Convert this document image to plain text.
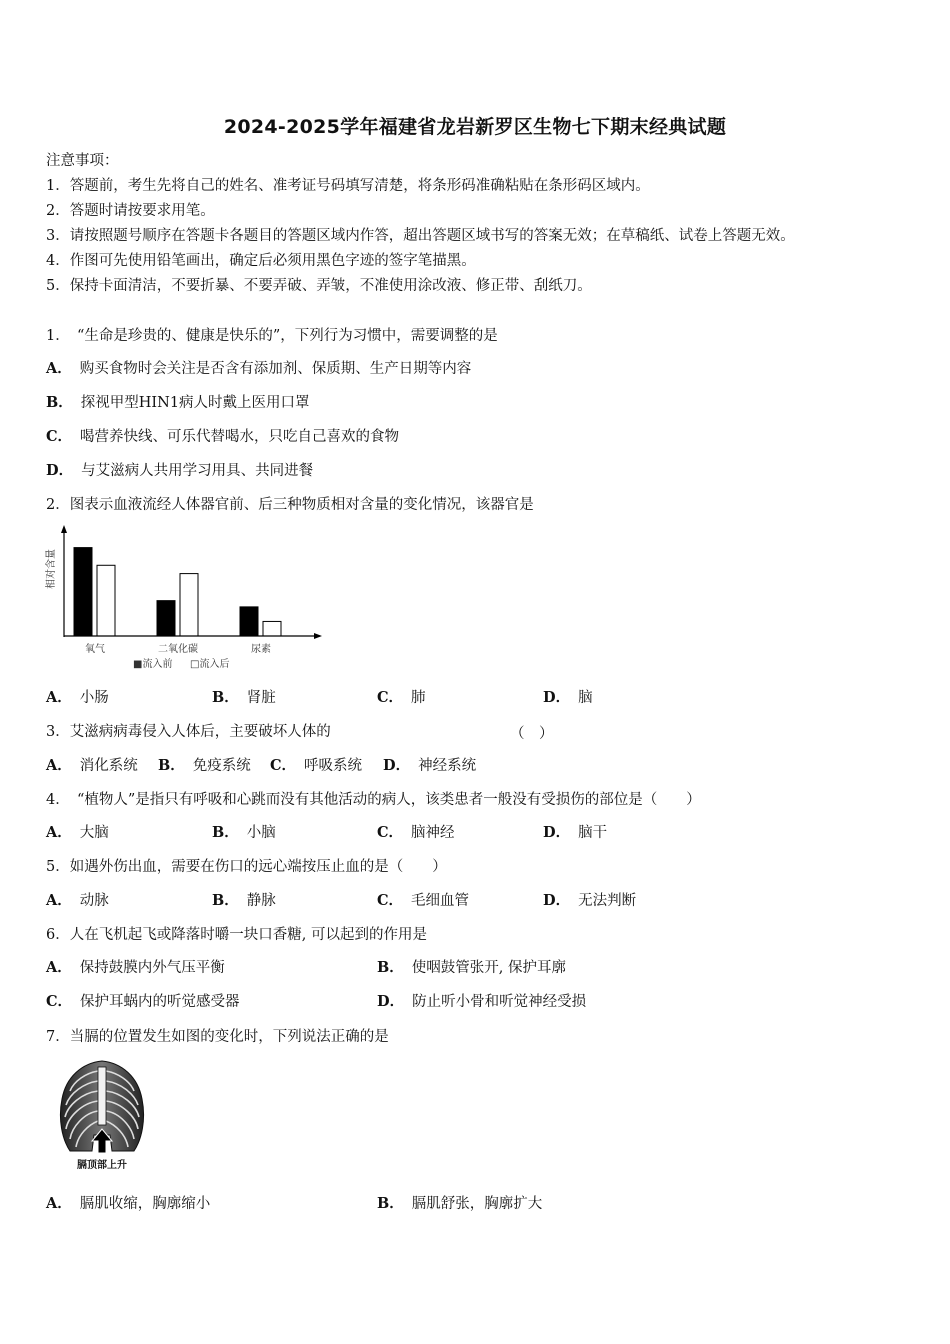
2024-2025学年福建省龙岩新罗区生物七下期末经典试题
注意事项：
1．答题前，考生先将自己的姓名、准考证号码填写清楚，将条形码准确粘贴在条形码区域内。
2．答题时请按要求用笔。
3．请按照题号顺序在答题卡各题目的答题区域内作答，超出答题区域书写的答案无效；在草稿纸、试卷上答题无效。
4．作图可先使用铅笔画出，确定后必须用黑色字迹的签字笔描黑。
5．保持卡面清洁，不要折暴、不要弄破、弄皱，不准使用涂改液、修正带、刮纸刀。
1．　“生命是珍贵的、健康是快乐的”，下列行为习惯中，需要调整的是
A． 购买食物时会关注是否含有添加剂、保质期、生产日期等内容
B． 探视甲型HIN1病人时戴上医用口罩
C． 喝营养快线、可乐代替喝水，只吃自己喜欢的食物
D． 与艾滋病人共用学习用具、共同进餐
2．图表示血液流经人体器官前、后三种物质相对含量的变化情况，该器官是
相对含量
氧气	二氧化碳	尿素
■流入前 □流入后
A． 小肠	B． 肾脏	C． 肺	D． 脑
3．艾滋病病毒侵入人体后，主要破坏人体的	（　）
A． 消化系统 B． 免疫系统 C． 呼吸系统 D． 神经系统
4．　“植物人”是指只有呼吸和心跳而没有其他活动的病人，该类患者一般没有受损伤的部位是（　　）
A． 大脑	B． 小脑	C． 脑神经	D． 脑干
5．如遇外伤出血，需要在伤口的远心端按压止血的是（　　）
A． 动脉	B． 静脉	C． 毛细血管	D． 无法判断
6．人在飞机起飞或降落时嚼一块口香糖, 可以起到的作用是
A． 保持鼓膜内外气压平衡	B． 使咽鼓管张开, 保护耳廓
C． 保护耳蜗内的听觉感受器	D． 防止听小骨和听觉神经受损
7．当膈的位置发生如图的变化时，下列说法正确的是
膈顶部上升
A． 膈肌收缩，胸廓缩小	B． 膈肌舒张，胸廓扩大
